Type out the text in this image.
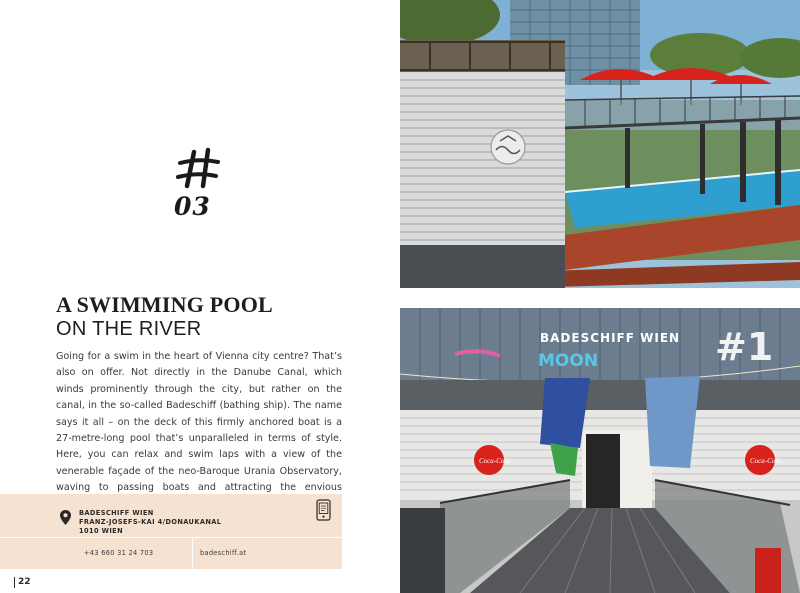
03
A SWIMMING POOL
ON THE RIVER
Going for a swim in the heart of Vienna city centre? That’s also on offer. Not directly in the Danube Canal, which winds prominently through the city, but rather on the canal, in the so-called Badeschiff (bathing ship). The name says it all – on the deck of this firmly anchored boat is a 27-metre-long pool that’s unparalleled in terms of style. Here, you can relax and swim laps with a view of the venerable façade of the neo-Baroque Urania Observatory, waving to passing boats and attracting the envious
BADESCHIFF WIEN
FRANZ-JOSEFS-KAI 4/DONAUKANAL
1010 WIEN
+43 660 31 24 703	badeschiff.at
22
BADESCHIFF WIEN #1
MOON
Coca-Cola	Coca-Cola
